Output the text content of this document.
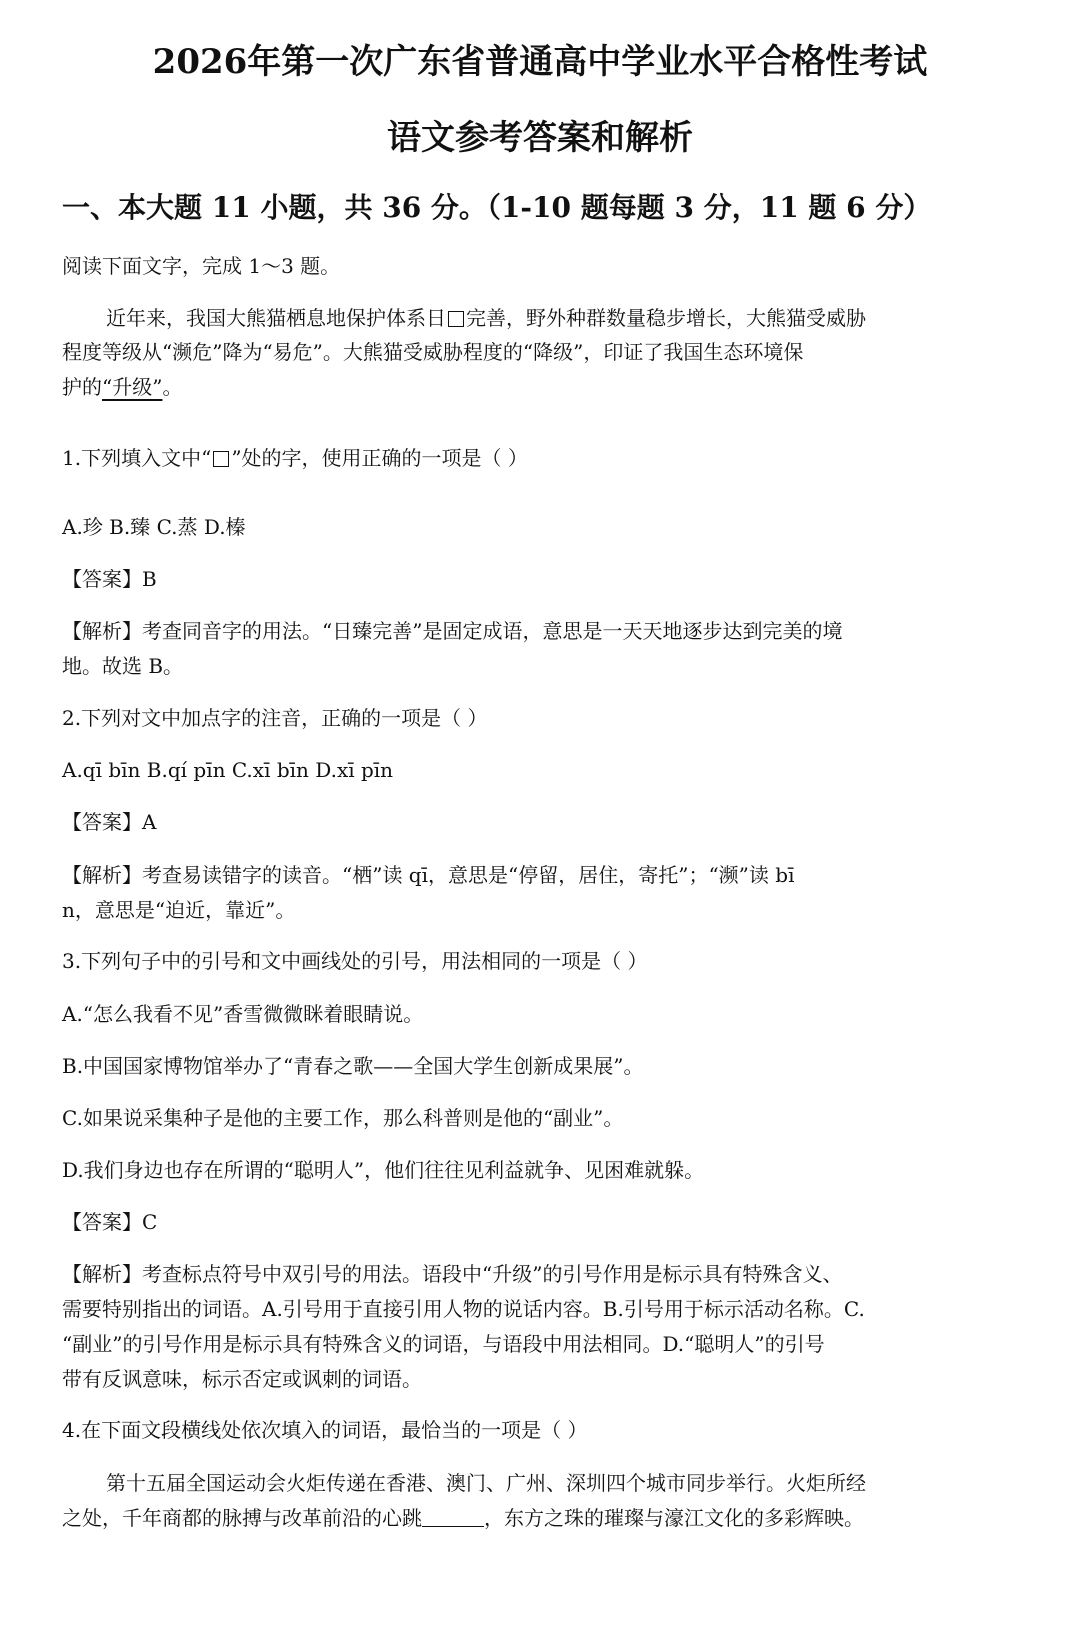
2026年第一次广东省普通高中学业水平合格性考试
语文参考答案和解析
一、本大题 11 小题，共 36 分。（1-10 题每题 3 分，11 题 6 分）
阅读下面文字，完成 1～3 题。
近年来，我国大熊猫栖息地保护体系日 完善，野外种群数量稳步增长，大熊猫受威胁
程度等级从“濒危”降为“易危”。大熊猫受威胁程度的“降级”，印证了我国生态环境保
护的“升级”。
1.下列填入文中“ ”处的字，使用正确的一项是（ ）
A.珍 B.臻 C.蒸 D.榛
【答案】B
【解析】考查同音字的用法。“日臻完善”是固定成语，意思是一天天地逐步达到完美的境
地。故选 B。
2.下列对文中加点字的注音，正确的一项是（ ）
A.qī bīn B.qí pīn C.xī bīn D.xī pīn
【答案】A
【解析】考查易读错字的读音。“栖”读 qī，意思是“停留，居住，寄托”；“濒”读 bī
n，意思是“迫近，靠近”。
3.下列句子中的引号和文中画线处的引号，用法相同的一项是（ ）
A.“怎么我看不见”香雪微微眯着眼睛说。
B.中国国家博物馆举办了“青春之歌——全国大学生创新成果展”。
C.如果说采集种子是他的主要工作，那么科普则是他的“副业”。
D.我们身边也存在所谓的“聪明人”，他们往往见利益就争、见困难就躲。
【答案】C
【解析】考查标点符号中双引号的用法。语段中“升级”的引号作用是标示具有特殊含义、
需要特别指出的词语。A.引号用于直接引用人物的说话内容。B.引号用于标示活动名称。C.
“副业”的引号作用是标示具有特殊含义的词语，与语段中用法相同。D.“聪明人”的引号
带有反讽意味，标示否定或讽刺的词语。
4.在下面文段横线处依次填入的词语，最恰当的一项是（ ）
第十五届全国运动会火炬传递在香港、澳门、广州、深圳四个城市同步举行。火炬所经
之处，千年商都的脉搏与改革前沿的心跳	，东方之珠的璀璨与濠江文化的多彩辉映。
